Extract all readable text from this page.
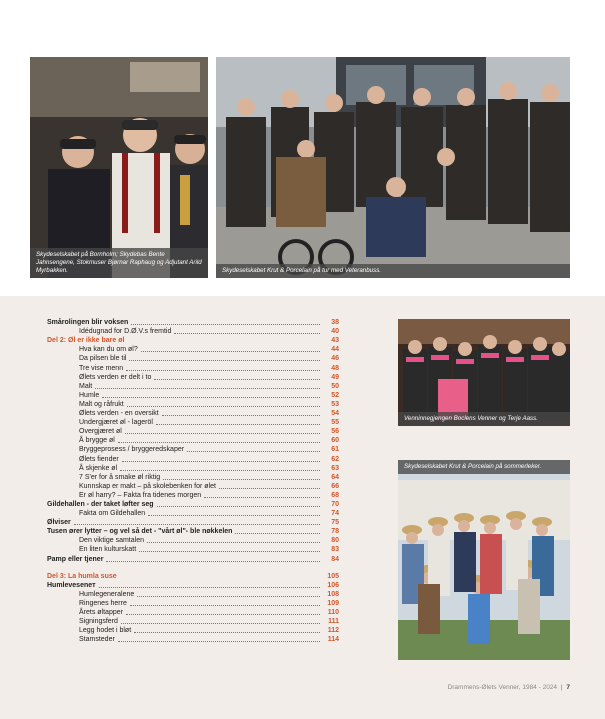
Skydeselskabet på Bornholm; Skydebas Bente Jahnsengene, Stokmuser Bjørnar Raphaug og Adjutant Arild Myrbakken.	Skydeselskabet Krut & Porcelain på tur med Veteranbuss.
Venninnegjengen Boclens Venner og Terje Aass.
Skydeselskabet Krut & Porcelain på sommerleker.
Smårolingen blir voksen	38
Idédugnad for D.Ø.V.s fremtid	40
Del 2: Øl er ikke bare øl	43
Hva kan du om øl?	44
Da pilsen ble til	46
Tre vise menn	48
Ølets verden er delt i to	49
Malt	50
Humle	52
Malt og råfrukt	53
Ølets verden - en oversikt	54
Undergjæret øl - lageröl	55
Overgjæret øl	56
Å brygge øl	60
Bryggeprosess / bryggeredskaper	61
Ølets fiender	62
Å skjenke øl	63
7 S'er for å smake øl riktig	64
Kunnskap er makt – på skolebenken for ølet	66
Er øl harry? – Fakta fra tidenes morgen	68
Gildehallen - der taket løfter seg	70
Fakta om Gildehallen	74
Ølviser	75
Tusen ører lytter – og vel så det - "vårt øl"- ble nøkkelen	78
Den viktige samtalen	80
En liten kulturskatt	83
Pamp eller tjener	84
Del 3: La humla suse	105
Humleveseneт	106
Humlegeneralene	108
Ringenes herre	109
Årets øltapper	110
Signingsferd	111
Legg hodet i bløt	112
Stamsteder	114
Drammens-Ølets Venner, 1984 - 2024 | 7
